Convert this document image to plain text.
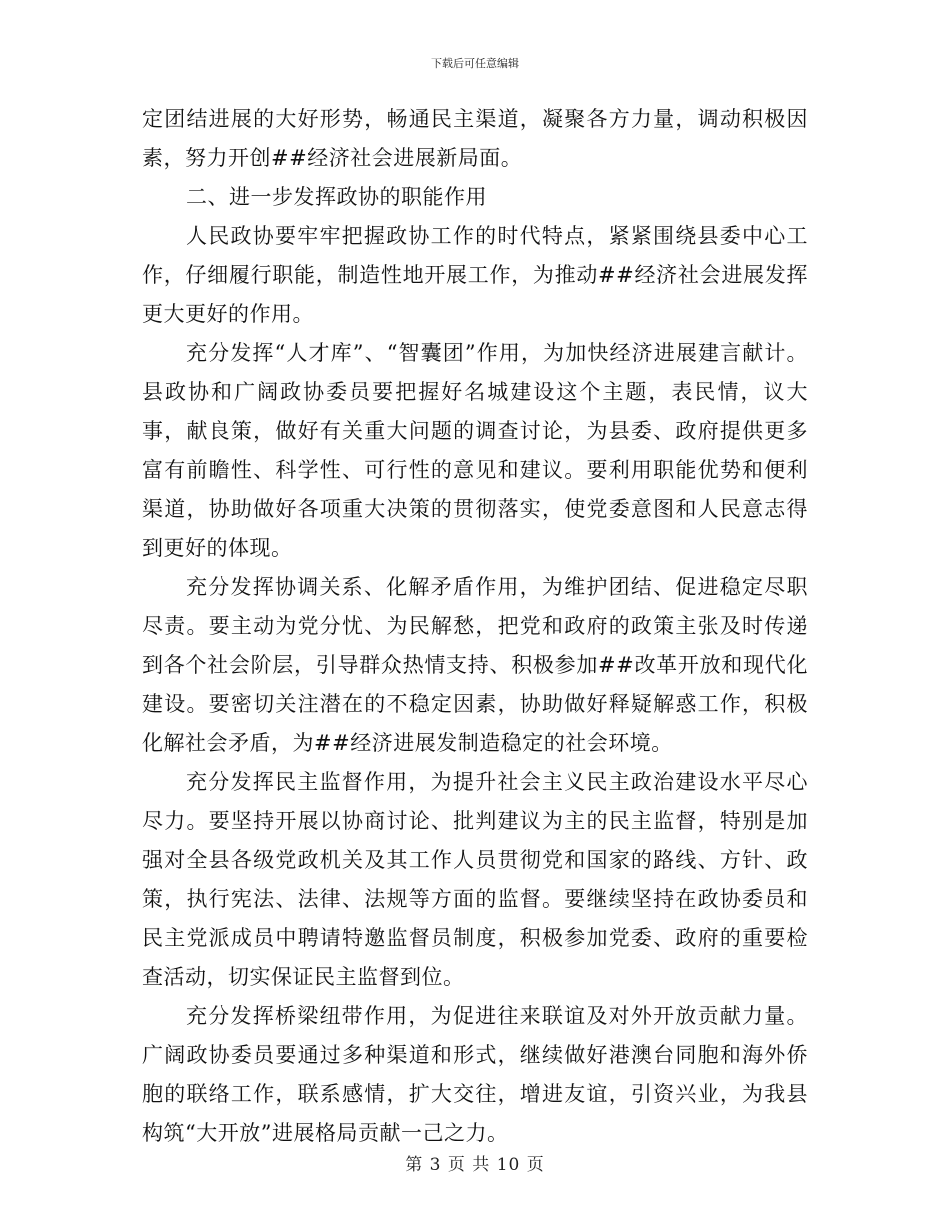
下载后可任意编辑

定团结进展的大好形势，畅通民主渠道，凝聚各方力量，调动积极因素，努力开创##经济社会进展新局面。

二、进一步发挥政协的职能作用

人民政协要牢牢把握政协工作的时代特点，紧紧围绕县委中心工作，仔细履行职能，制造性地开展工作，为推动##经济社会进展发挥更大更好的作用。

充分发挥“人才库”、“智囊团”作用，为加快经济进展建言献计。县政协和广阔政协委员要把握好名城建设这个主题，表民情，议大事，献良策，做好有关重大问题的调查讨论，为县委、政府提供更多富有前瞻性、科学性、可行性的意见和建议。要利用职能优势和便利渠道，协助做好各项重大决策的贯彻落实，使党委意图和人民意志得到更好的体现。

充分发挥协调关系、化解矛盾作用，为维护团结、促进稳定尽职尽责。要主动为党分忧、为民解愁，把党和政府的政策主张及时传递到各个社会阶层，引导群众热情支持、积极参加##改革开放和现代化建设。要密切关注潜在的不稳定因素，协助做好释疑解惑工作，积极化解社会矛盾，为##经济进展发制造稳定的社会环境。

充分发挥民主监督作用，为提升社会主义民主政治建设水平尽心尽力。要坚持开展以协商讨论、批判建议为主的民主监督，特别是加强对全县各级党政机关及其工作人员贯彻党和国家的路线、方针、政策，执行宪法、法律、法规等方面的监督。要继续坚持在政协委员和民主党派成员中聘请特邀监督员制度，积极参加党委、政府的重要检查活动，切实保证民主监督到位。

充分发挥桥梁纽带作用，为促进往来联谊及对外开放贡献力量。广阔政协委员要通过多种渠道和形式，继续做好港澳台同胞和海外侨胞的联络工作，联系感情，扩大交往，增进友谊，引资兴业，为我县构筑“大开放”进展格局贡献一己之力。

第 3 页 共 10 页
